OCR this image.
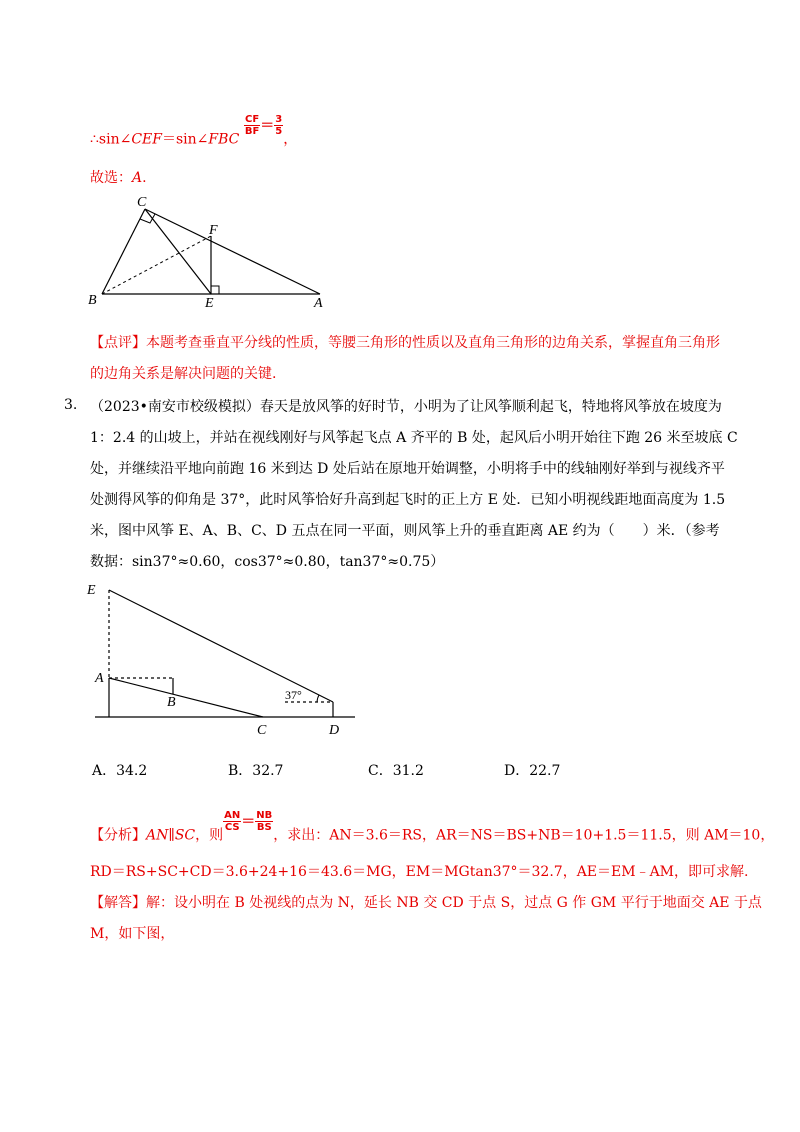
∴sin∠CEF＝sin∠FBC
$\frac{CF}{BF} = \frac{3}{5}$
，
故选：A.
C
F
B	E	A
【点评】本题考查垂直平分线的性质，等腰三角形的性质以及直角三角形的边角关系，掌握直角三角形
的边角关系是解决问题的关键.
3. （2023•南安市校级模拟）春天是放风筝的好时节，小明为了让风筝顺利起飞，特地将风筝放在坡度为
1：2.4 的山坡上，并站在视线刚好与风筝起飞点 A 齐平的 B 处，起风后小明开始往下跑 26 米至坡底 C
处，并继续沿平地向前跑 16 米到达 D 处后站在原地开始调整，小明将手中的线轴刚好举到与视线齐平
处测得风筝的仰角是 37°，此时风筝恰好升高到起飞时的正上方 E 处．已知小明视线距地面高度为 1.5
米，图中风筝 E、A、B、C、D 五点在同一平面，则风筝上升的垂直距离 AE 约为（　　）米．（参考
数据：sin37°≈0.60，cos37°≈0.80，tan37°≈0.75）
E
A
B
C	D
37°
A．34.2	B．32.7	C．31.2	D．22.7
【分析】AN∥SC，则
$\frac{AN}{CS} = \frac{NB}{BS}$
，求出：AN＝3.6＝RS，AR＝NS＝BS+NB＝10+1.5＝11.5，则 AM＝10，
RD＝RS+SC+CD＝3.6+24+16＝43.6＝MG，EM＝MGtan37°＝32.7，AE＝EM﹣AM，即可求解.
【解答】解：设小明在 B 处视线的点为 N，延长 NB 交 CD 于点 S，过点 G 作 GM 平行于地面交 AE 于点
M，如下图，
